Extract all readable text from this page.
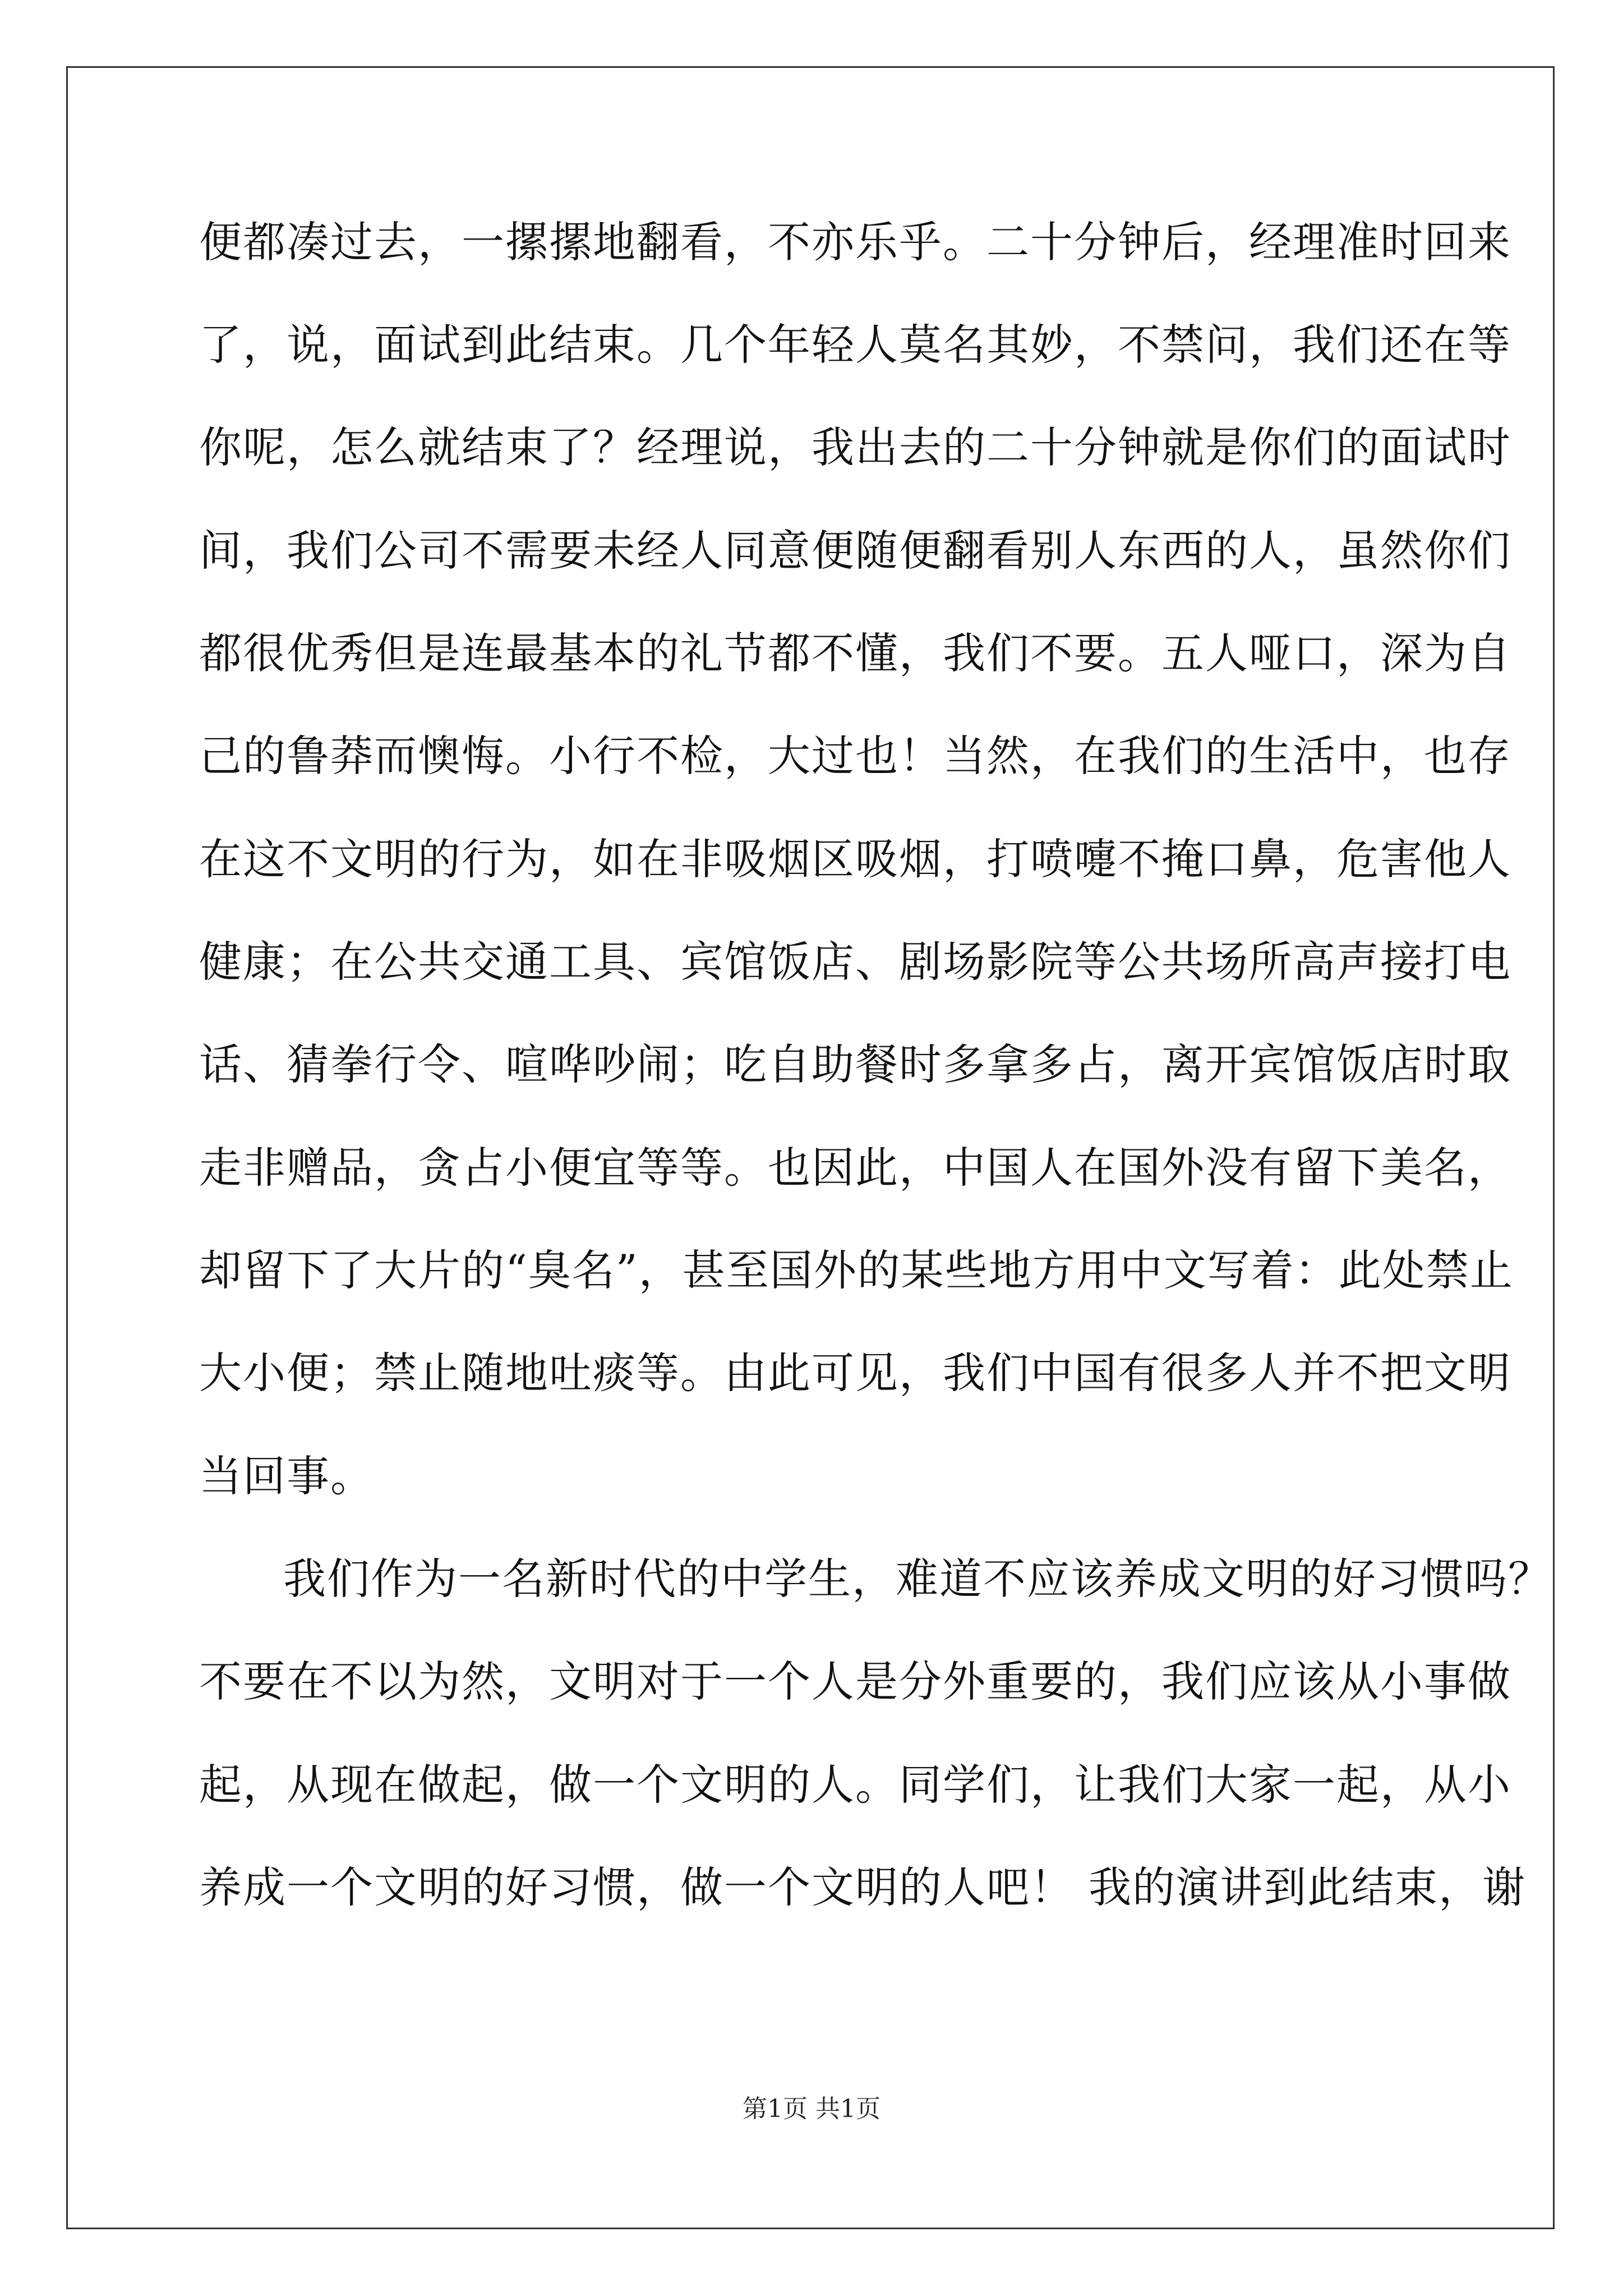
便都凑过去，一摞摞地翻看，不亦乐乎。二十分钟后，经理准时回来
了，说，面试到此结束。几个年轻人莫名其妙，不禁问，我们还在等
你呢，怎么就结束了？经理说，我出去的二十分钟就是你们的面试时
间，我们公司不需要未经人同意便随便翻看别人东西的人，虽然你们
都很优秀但是连最基本的礼节都不懂，我们不要。五人哑口，深为自
己的鲁莽而懊悔。小行不检，大过也！当然，在我们的生活中，也存
在这不文明的行为，如在非吸烟区吸烟，打喷嚏不掩口鼻，危害他人
健康；在公共交通工具、宾馆饭店、剧场影院等公共场所高声接打电
话、猜拳行令、喧哗吵闹；吃自助餐时多拿多占，离开宾馆饭店时取
走非赠品，贪占小便宜等等。也因此，中国人在国外没有留下美名，
却留下了大片的“臭名”，甚至国外的某些地方用中文写着：此处禁止
大小便；禁止随地吐痰等。由此可见，我们中国有很多人并不把文明
当回事。
我们作为一名新时代的中学生，难道不应该养成文明的好习惯吗？
不要在不以为然，文明对于一个人是分外重要的，我们应该从小事做
起，从现在做起，做一个文明的人。同学们，让我们大家一起，从小
养成一个文明的好习惯，做一个文明的人吧！ 我的演讲到此结束，谢
第1页 共1页
